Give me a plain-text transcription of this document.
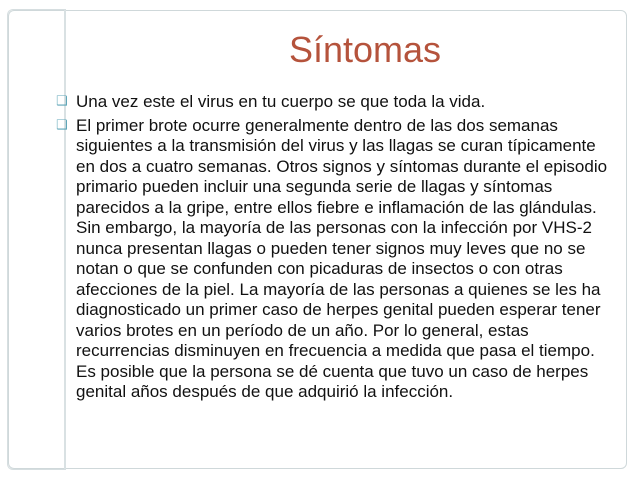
Síntomas
❑ Una vez este el virus en tu cuerpo se que toda la vida.
❑ El primer brote ocurre generalmente dentro de las dos semanas siguientes a la transmisión del virus y las llagas se curan típicamente en dos a cuatro semanas. Otros signos y síntomas durante el episodio primario pueden incluir una segunda serie de llagas y síntomas parecidos a la gripe, entre ellos fiebre e inflamación de las glándulas. Sin embargo, la mayoría de las personas con la infección por VHS-2 nunca presentan llagas o pueden tener signos muy leves que no se notan o que se confunden con picaduras de insectos o con otras afecciones de la piel. La mayoría de las personas a quienes se les ha diagnosticado un primer caso de herpes genital pueden esperar tener varios brotes en un período de un año. Por lo general, estas recurrencias disminuyen en frecuencia a medida que pasa el tiempo. Es posible que la persona se dé cuenta que tuvo un caso de herpes genital años después de que adquirió la infección.
